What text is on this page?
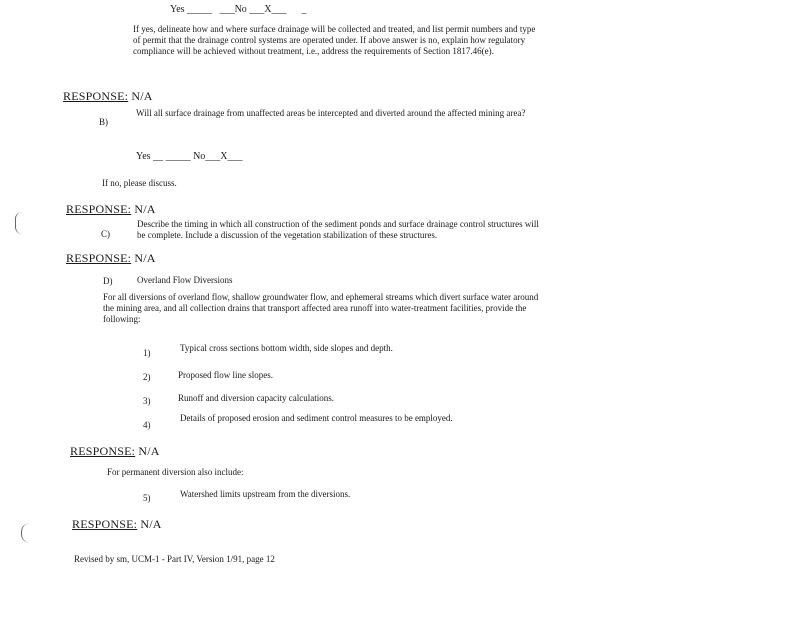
Yes _____ ___No ___X___ _
If yes, delineate how and where surface drainage will be collected and treated, and list permit numbers and type of permit that the drainage control systems are operated under. If above answer is no, explain how regulatory compliance will be achieved without treatment, i.e., address the requirements of Section 1817.46(e).
RESPONSE: N/A
B)
Will all surface drainage from unaffected areas be intercepted and diverted around the affected mining area?
Yes __ _____ No___X___
If no, please discuss.
RESPONSE: N/A
C)
Describe the timing in which all construction of the sediment ponds and surface drainage control structures will be complete. Include a discussion of the vegetation stabilization of these structures.
RESPONSE: N/A
D)	Overland Flow Diversions
For all diversions of overland flow, shallow groundwater flow, and ephemeral streams which divert surface water around the mining area, and all collection drains that transport affected area runoff into water-treatment facilities, provide the following:
1)	Typical cross sections bottom width, side slopes and depth.
2)	Proposed flow line slopes.
3)	Runoff and diversion capacity calculations.
4)
Details of proposed erosion and sediment control measures to be employed.
RESPONSE: N/A
For permanent diversion also include:
5)	Watershed limits upstream from the diversions.
RESPONSE: N/A
Revised by sm, UCM-1 - Part IV, Version 1/91, page 12
